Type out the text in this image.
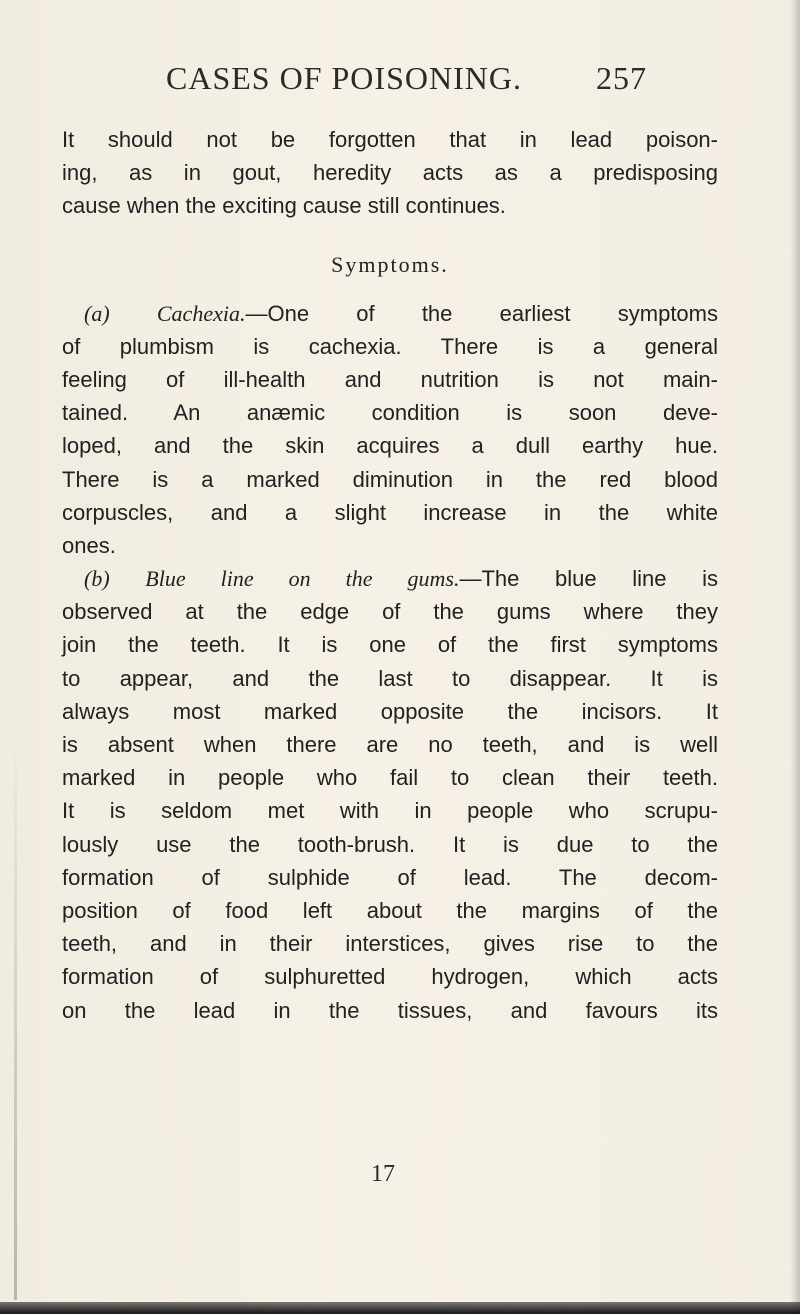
CASES OF POISONING. 257
It should not be forgotten that in lead poison-
ing, as in gout, heredity acts as a predisposing
cause when the exciting cause still continues.
Symptoms.
 (a) Cachexia.—One of the earliest symptoms
of plumbism is cachexia. There is a general
feeling of ill-health and nutrition is not main-
tained. An anæmic condition is soon deve-
loped, and the skin acquires a dull earthy hue.
There is a marked diminution in the red blood
corpuscles, and a slight increase in the white
ones.
 (b) Blue line on the gums.—The blue line is
observed at the edge of the gums where they
join the teeth. It is one of the first symptoms
to appear, and the last to disappear. It is
always most marked opposite the incisors. It
is absent when there are no teeth, and is well
marked in people who fail to clean their teeth.
It is seldom met with in people who scrupu-
lously use the tooth-brush. It is due to the
formation of sulphide of lead. The decom-
position of food left about the margins of the
teeth, and in their interstices, gives rise to the
formation of sulphuretted hydrogen, which acts
on the lead in the tissues, and favours its
17
